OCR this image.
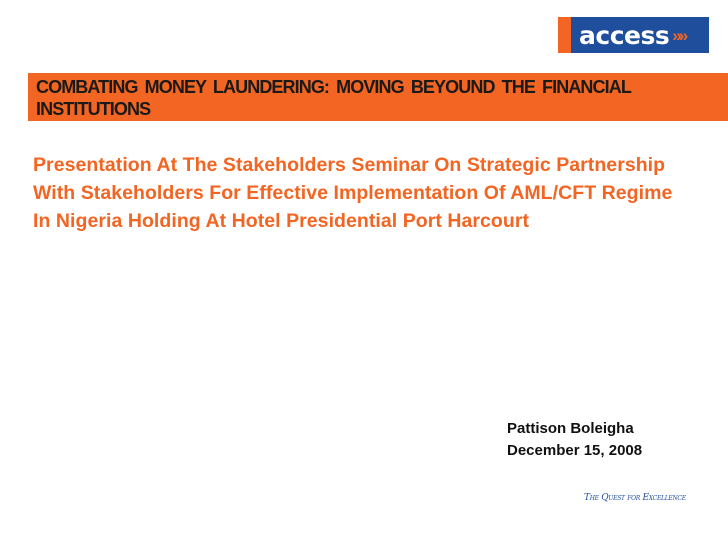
access »»
COMBATING MONEY LAUNDERING: MOVING BEYOUND THE FINANCIAL INSTITUTIONS
Presentation At The Stakeholders Seminar On Strategic Partnership With Stakeholders For Effective Implementation Of AML/CFT Regime In Nigeria Holding At Hotel Presidential Port Harcourt
Pattison Boleigha
December 15, 2008
The Quest for Excellence
